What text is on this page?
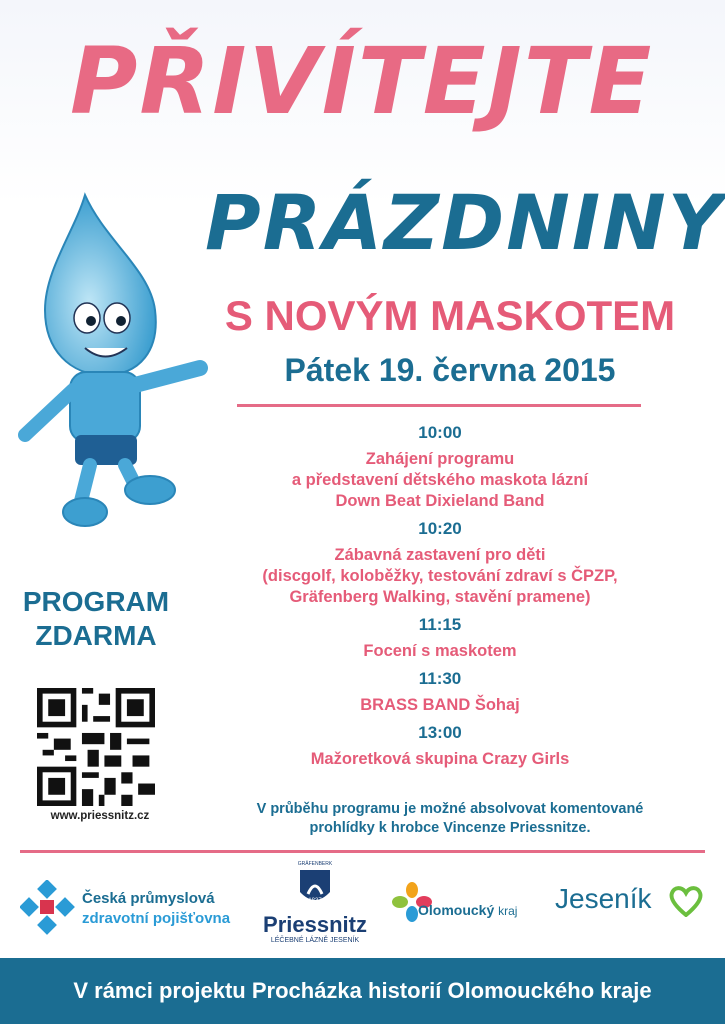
PŘIVÍTEJTE
PRÁZDNINY
S NOVÝM MASKOTEM
Pátek 19. června 2015
10:00
Zahájení programu
a představení dětského maskota lázní
Down Beat Dixieland Band
10:20
Zábavná zastavení pro děti
(discgolf, koloběžky, testování zdraví s ČPZP,
Gräfenberg Walking, stavění pramene)
11:15
Focení s maskotem
11:30
BRASS BAND Šohaj
13:00
Mažoretková skupina Crazy Girls
V průběhu programu je možné absolvovat komentované
prohlídky k hrobce Vincenze Priessnitze.
PROGRAM
ZDARMA
www.priessnitz.cz
Česká průmyslová
zdravotní pojišťovna
GRÄFENBERK
1837
Priessnitz
LÉČEBNÉ LÁZNĚ JESENÍK
Olomoucký kraj Jeseník
V rámci projektu Procházka historií Olomouckého kraje
